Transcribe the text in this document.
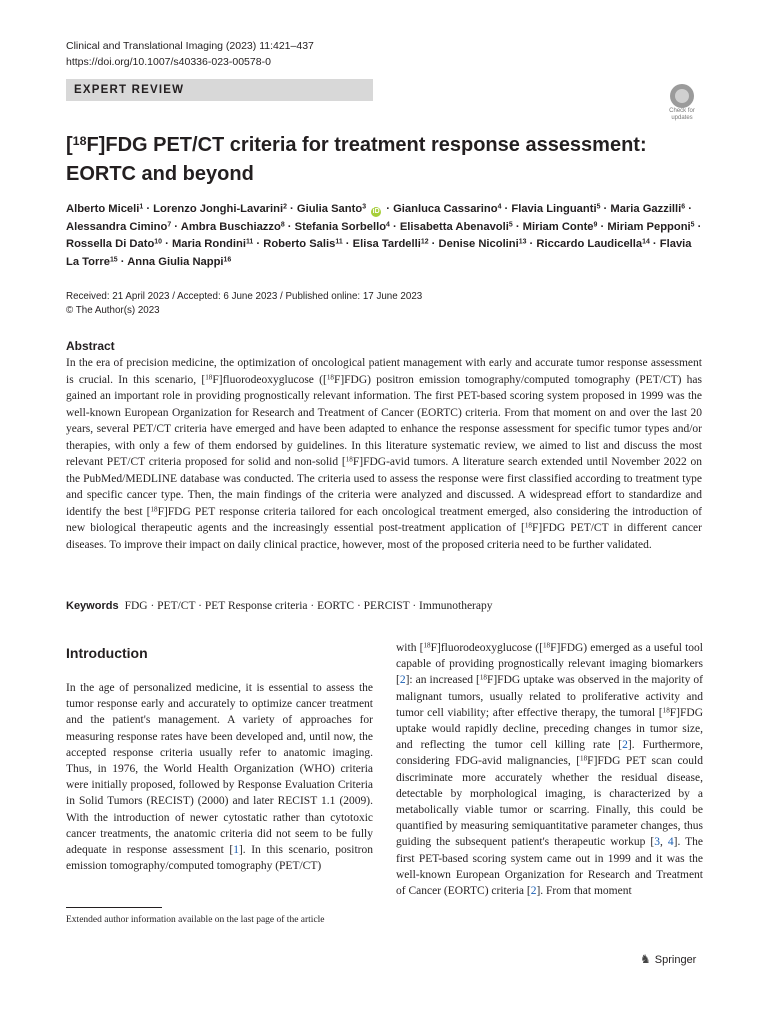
Clinical and Translational Imaging (2023) 11:421–437
https://doi.org/10.1007/s40336-023-00578-0
EXPERT REVIEW
Check for
updates
[$^{18}$F]FDG PET/CT criteria for treatment response assessment: EORTC and beyond
Alberto Miceli$^1$ · Lorenzo Jonghi-Lavarini$^2$ · Giulia Santo$^3$ iD · Gianluca Cassarino$^4$ · Flavia Linguanti$^5$ · Maria Gazzilli$^6$ · Alessandra Cimino$^7$ · Ambra Buschiazzo$^8$ · Stefania Sorbello$^4$ · Elisabetta Abenavoli$^5$ · Miriam Conte$^9$ · Miriam Pepponi$^5$ · Rossella Di Dato$^{10}$ · Maria Rondini$^{11}$ · Roberto Salis$^{11}$ · Elisa Tardelli$^{12}$ · Denise Nicolini$^{13}$ · Riccardo Laudicella$^{14}$ · Flavia La Torre$^{15}$ · Anna Giulia Nappi$^{16}$
Received: 21 April 2023 / Accepted: 6 June 2023 / Published online: 17 June 2023
© The Author(s) 2023
Abstract

In the era of precision medicine, the optimization of oncological patient management with early and accurate tumor response assessment is crucial. In this scenario, [$^{18}$F]fluorodeoxyglucose ([$^{18}$F]FDG) positron emission tomography/computed tomography (PET/CT) has gained an important role in providing prognostically relevant information. The first PET-based scoring system proposed in 1999 was the well-known European Organization for Research and Treatment of Cancer (EORTC) criteria. From that moment on and over the last 20 years, several PET/CT criteria have emerged and have been adapted to enhance the response assessment for specific tumor types and/or therapies, with only a few of them endorsed by guidelines. In this literature systematic review, we aimed to list and discuss the most relevant PET/CT criteria proposed for solid and non-solid [$^{18}$F]FDG-avid tumors. A literature search extended until November 2022 on the PubMed/MEDLINE database was conducted. The criteria used to assess the response were first classified according to treatment type and specific cancer type. Then, the main findings of the criteria were analyzed and discussed. A widespread effort to standardize and identify the best [$^{18}$F]FDG PET response criteria tailored for each oncological treatment emerged, also considering the introduction of new biological therapeutic agents and the increasingly essential post-treatment application of [$^{18}$F]FDG PET/CT in different cancer diseases. To improve their impact on daily clinical practice, however, most of the proposed criteria need to be further validated.

Keywords FDG · PET/CT · PET Response criteria · EORTC · PERCIST · Immunotherapy
Introduction

In the age of personalized medicine, it is essential to assess the tumor response early and accurately to optimize cancer treatment and the patient's management. A variety of approaches for measuring response rates have been developed and, until now, the accepted response criteria usually refer to anatomic imaging. Thus, in 1976, the World Health Organization (WHO) criteria were initially proposed, followed by Response Evaluation Criteria in Solid Tumors (RECIST) (2000) and later RECIST 1.1 (2009). With the introduction of newer cytostatic rather than cytotoxic cancer treatments, the anatomic criteria did not seem to be fully adequate in response assessment [1]. In this scenario, positron emission tomography/computed tomography (PET/CT)

with [$^{18}$F]fluorodeoxyglucose ([$^{18}$F]FDG) emerged as a useful tool capable of providing prognostically relevant imaging biomarkers [2]: an increased [$^{18}$F]FDG uptake was observed in the majority of malignant tumors, usually related to proliferative activity and tumor cell viability; after effective therapy, the tumoral [$^{18}$F]FDG uptake would rapidly decline, preceding changes in tumor size, and reflecting the tumor cell killing rate [2]. Furthermore, considering FDG-avid malignancies, [$^{18}$F]FDG PET scan could discriminate more accurately whether the residual disease, detectable by morphological imaging, is characterized by a metabolically viable tumor or scarring. Finally, this could be quantified by measuring semiquantitative parameter changes, thus guiding the subsequent patient's therapeutic workup [3, 4]. The first PET-based scoring system came out in 1999 and it was the well-known European Organization for Research and Treatment of Cancer (EORTC) criteria [2]. From that moment

Extended author information available on the last page of the article
♞ Springer
